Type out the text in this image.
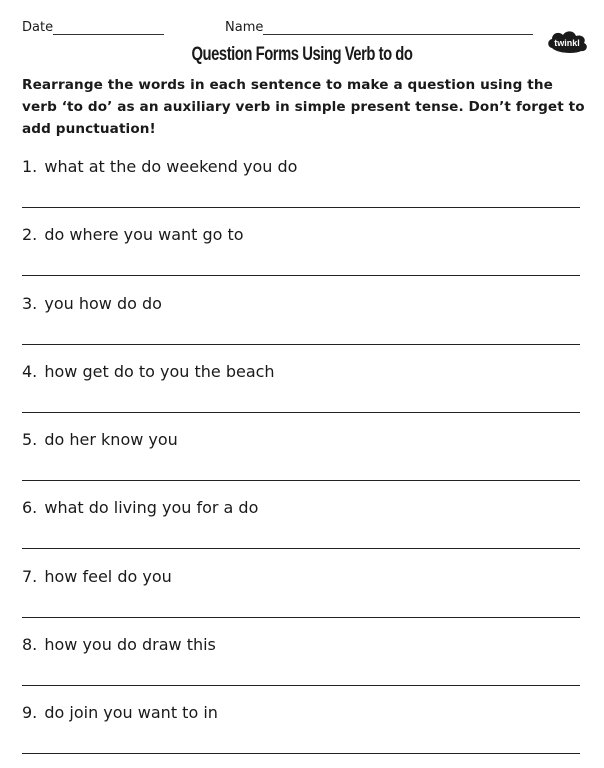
Date	Name
twinkl
Question Forms Using Verb to do
Rearrange the words in each sentence to make a question using the verb ‘to do’ as an auxiliary verb in simple present tense. Don’t forget to add punctuation!
1. what at the do weekend you do
2. do where you want go to
3. you how do do
4. how get do to you the beach
5. do her know you
6. what do living you for a do
7. how feel do you
8. how you do draw this
9. do join you want to in
